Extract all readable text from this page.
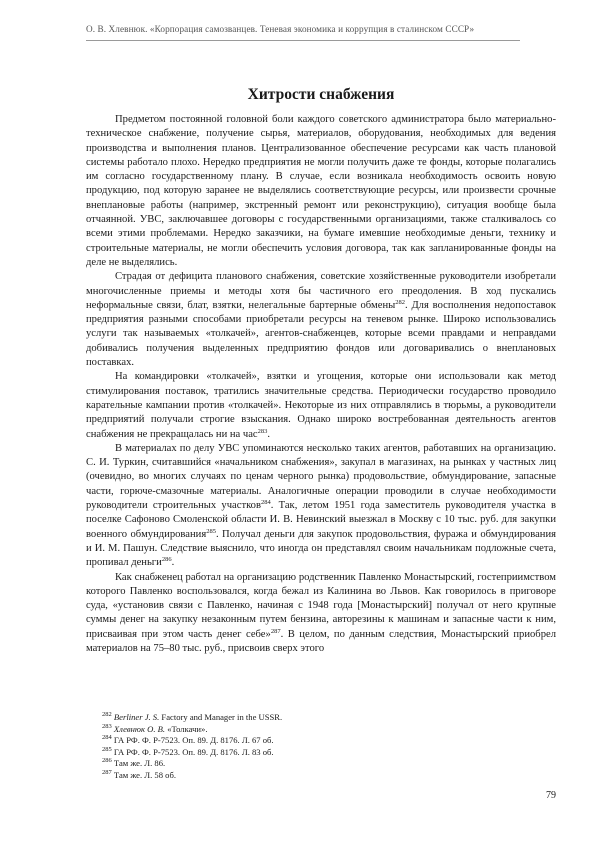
О. В. Хлевнюк. «Корпорация самозванцев. Теневая экономика и коррупция в сталинском СССР»
Хитрости снабжения

Предметом постоянной головной боли каждого советского администратора было материально-техническое снабжение, получение сырья, материалов, оборудования, необходимых для ведения производства и выполнения планов. Централизованное обеспечение ресурсами как часть плановой системы работало плохо. Нередко предприятия не могли получить даже те фонды, которые полагались им согласно государственному плану. В случае, если возникала необходимость освоить новую продукцию, под которую заранее не выделялись соответствующие ресурсы, или произвести срочные внеплановые работы (например, экстренный ремонт или реконструкцию), ситуация вообще была отчаянной. УВС, заключавшее договоры с государственными организациями, также сталкивалось со всеми этими проблемами. Нередко заказчики, на бумаге имевшие необходимые деньги, технику и строительные материалы, не могли обеспечить условия договора, так как запланированные фонды на деле не выделялись.

Страдая от дефицита планового снабжения, советские хозяйственные руководители изобретали многочисленные приемы и методы хотя бы частичного его преодоления. В ход пускались неформальные связи, блат, взятки, нелегальные бартерные обмены$^{282}$. Для восполнения недопоставок предприятия разными способами приобретали ресурсы на теневом рынке. Широко использовались услуги так называемых «толкачей», агентов-снабженцев, которые всеми правдами и неправдами добивались получения выделенных предприятию фондов или договаривались о внеплановых поставках.

На командировки «толкачей», взятки и угощения, которые они использовали как метод стимулирования поставок, тратились значительные средства. Периодически государство проводило карательные кампании против «толкачей». Некоторые из них отправлялись в тюрьмы, а руководители предприятий получали строгие взыскания. Однако широко востребованная деятельность агентов снабжения не прекращалась ни на час$^{283}$.

В материалах по делу УВС упоминаются несколько таких агентов, работавших на организацию. С. И. Туркин, считавшийся «начальником снабжения», закупал в магазинах, на рынках у частных лиц (очевидно, во многих случаях по ценам черного рынка) продовольствие, обмундирование, запасные части, горюче-смазочные материалы. Аналогичные операции проводили в случае необходимости руководители строительных участков$^{284}$. Так, летом 1951 года заместитель руководителя участка в поселке Сафоново Смоленской области И. В. Невинский выезжал в Москву с 10 тыс. руб. для закупки военного обмундирования$^{285}$. Получал деньги для закупок продовольствия, фуража и обмундирования и И. М. Пашун. Следствие выяснило, что иногда он представлял своим начальникам подложные счета, пропивал деньги$^{286}$.

Как снабженец работал на организацию родственник Павленко Монастырский, гостеприимством которого Павленко воспользовался, когда бежал из Калинина во Львов. Как говорилось в приговоре суда, «установив связи с Павленко, начиная с 1948 года [Монастырский] получал от него крупные суммы денег на закупку незаконным путем бензина, авторезины к машинам и запасные части к ним, присваивая при этом часть денег себе»$^{287}$. В целом, по данным следствия, Монастырский приобрел материалов на 75–80 тыс. руб., присвоив сверх этого

$^{282}$ Berliner J. S. Factory and Manager in the USSR.

$^{283}$ Хлевнюк О. В. «Толкачи».

$^{284}$ ГА РФ. Ф. Р-7523. Оп. 89. Д. 8176. Л. 67 об.

$^{285}$ ГА РФ. Ф. Р-7523. Оп. 89. Д. 8176. Л. 83 об.

$^{286}$ Там же. Л. 86.

$^{287}$ Там же. Л. 58 об.

79
